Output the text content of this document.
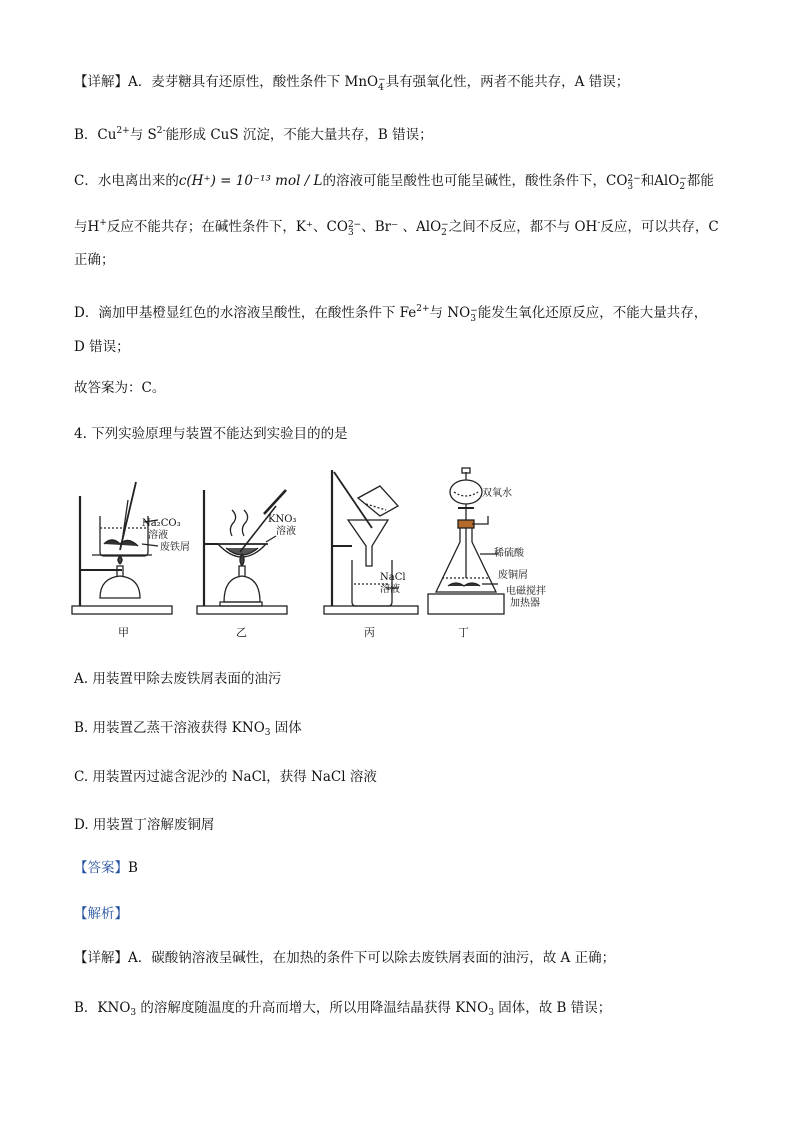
【详解】A．麦芽糖具有还原性，酸性条件下 MnO −
4 具有强氧化性，两者不能共存，A 错误；
B．$Cu^{2+}$与 $S^{2-}$能形成 CuS 沉淀，不能大量共存，B 错误；
C．水电离出来的c(H⁺) = 10⁻¹³ mol / L的溶液可能呈酸性也可能呈碱性，酸性条件下，CO 2−
3 和AlO −
2 都能
与H+反应不能共存；在碱性条件下，K⁺、CO 2−
3 、Br⁻ 、AlO −
2 之间不反应，都不与 OH-反应，可以共存，C
正确；
D．滴加甲基橙显红色的水溶液呈酸性，在酸性条件下 $Fe^{2+}$与 NO −
3 能发生氧化还原反应，不能大量共存，
D 错误；
故答案为：C。
4. 下列实验原理与装置不能达到实验目的的是
Na₂CO₃
溶液
废铁屑
甲
KNO₃
溶液
乙
NaCl
溶液
丙
双氧水
稀硫酸
废铜屑
电磁搅拌
加热器
丁
A. 用装置甲除去废铁屑表面的油污
B. 用装置乙蒸干溶液获得 $KNO_3$ 固体
C. 用装置丙过滤含泥沙的 NaCl，获得 NaCl 溶液
D. 用装置丁溶解废铜屑
【答案】B
【解析】
【详解】A．碳酸钠溶液呈碱性，在加热的条件下可以除去废铁屑表面的油污，故 A 正确；
B．$KNO_3$ 的溶解度随温度的升高而增大，所以用降温结晶获得 $KNO_3$ 固体，故 B 错误；
